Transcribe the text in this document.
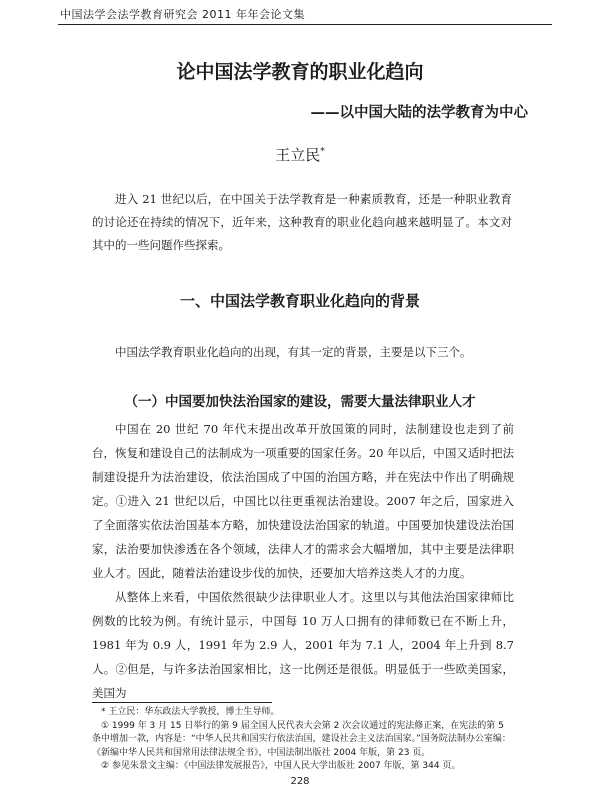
中国法学会法学教育研究会 2011 年年会论文集
论中国法学教育的职业化趋向
——以中国大陆的法学教育为中心
王立民*

进入 21 世纪以后，在中国关于法学教育是一种素质教育，还是一种职业教育的讨论还在持续的情况下，近年来，这种教育的职业化趋向越来越明显了。本文对其中的一些问题作些探索。

一、中国法学教育职业化趋向的背景

中国法学教育职业化趋向的出现，有其一定的背景，主要是以下三个。

（一）中国要加快法治国家的建设，需要大量法律职业人才

中国在 20 世纪 70 年代末提出改革开放国策的同时，法制建设也走到了前台，恢复和建设自己的法制成为一项重要的国家任务。20 年以后，中国又适时把法制建设提升为法治建设，依法治国成了中国的治国方略，并在宪法中作出了明确规定。①进入 21 世纪以后，中国比以往更重视法治建设。2007 年之后，国家进入了全面落实依法治国基本方略，加快建设法治国家的轨道。中国要加快建设法治国家，法治要加快渗透在各个领域，法律人才的需求会大幅增加，其中主要是法律职业人才。因此，随着法治建设步伐的加快，还要加大培养这类人才的力度。

从整体上来看，中国依然很缺少法律职业人才。这里以与其他法治国家律师比例数的比较为例。有统计显示，中国每 10 万人口拥有的律师数已在不断上升，1981 年为 0.9 人，1991 年为 2.9 人，2001 年为 7.1 人，2004 年上升到 8.7 人。②但是，与许多法治国家相比，这一比例还是很低。明显低于一些欧美国家，美国为

* 王立民：华东政法大学教授，博士生导师。

① 1999 年 3 月 15 日举行的第 9 届全国人民代表大会第 2 次会议通过的宪法修正案，在宪法的第 5 条中增加一款，内容是：“中华人民共和国实行依法治国，建设社会主义法治国家。”国务院法制办公室编：《新编中华人民共和国常用法律法规全书》，中国法制出版社 2004 年版，第 23 页。

② 参见朱景文主编：《中国法律发展报告》，中国人民大学出版社 2007 年版，第 344 页。

228
